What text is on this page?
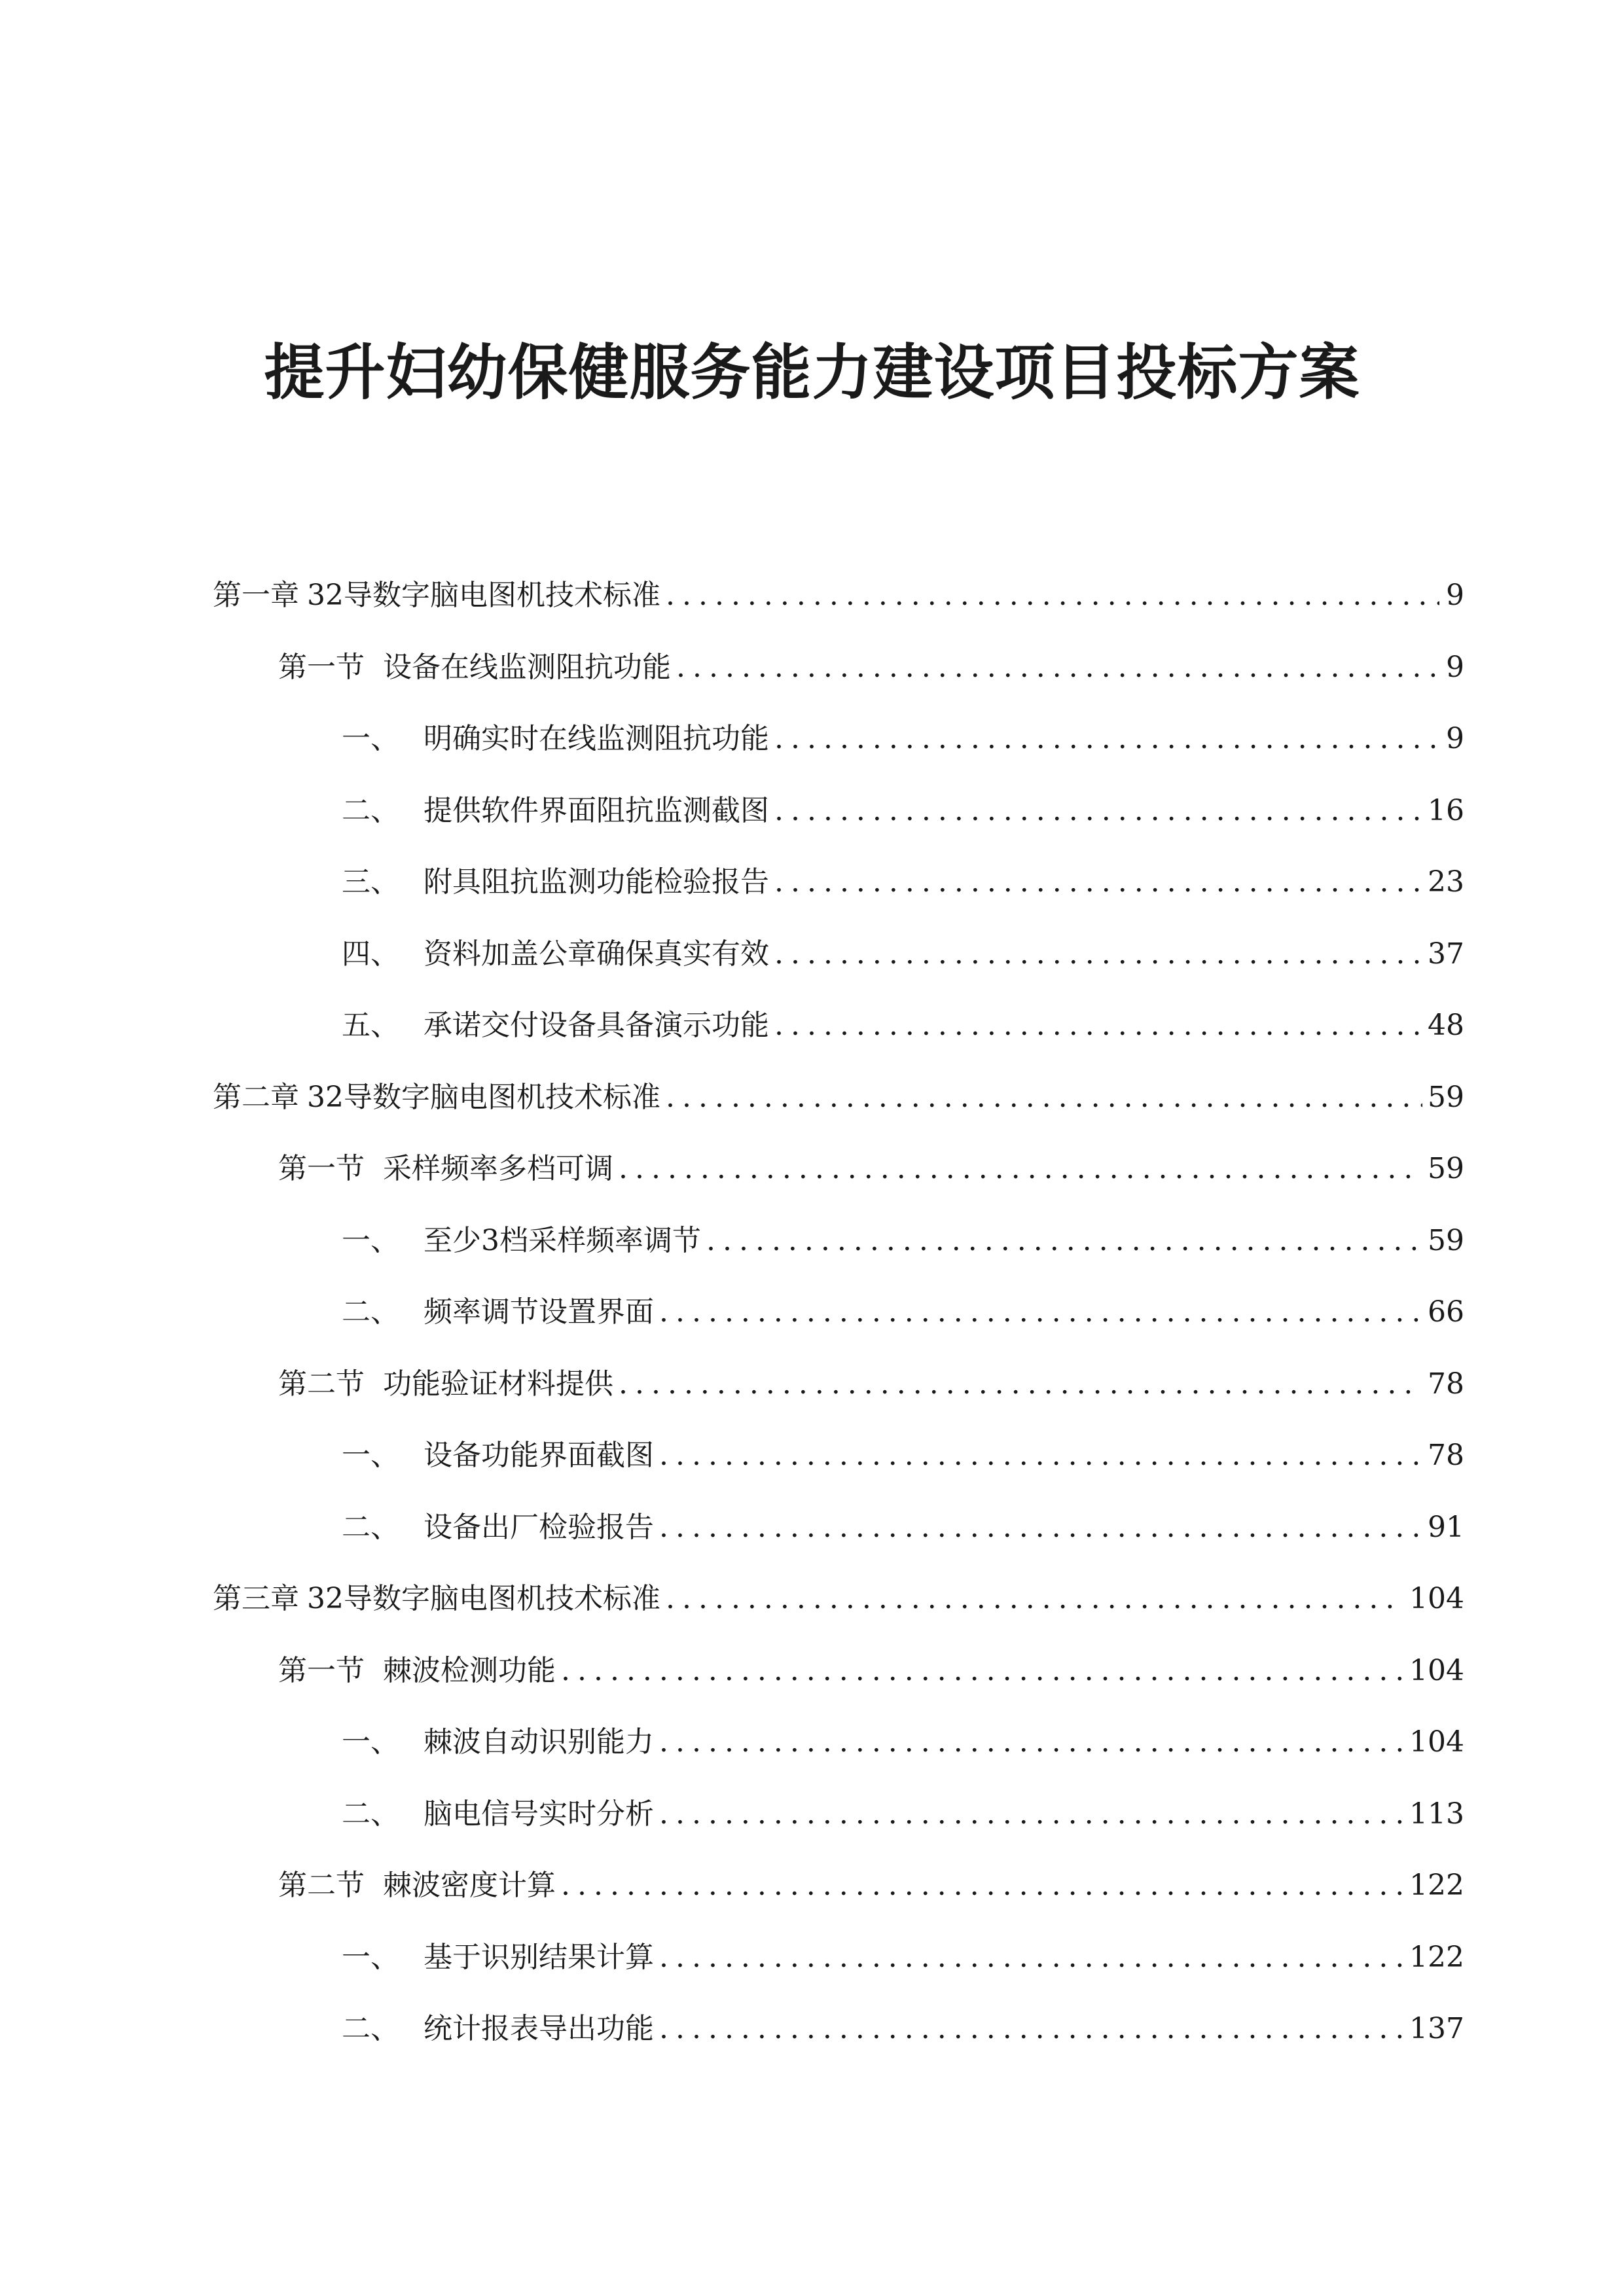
提升妇幼保健服务能力建设项目投标方案
第一章 32导数字脑电图机技术标准 .....	9
第一节 设备在线监测阻抗功能 .....	9
一、 明确实时在线监测阻抗功能 .....	9
二、 提供软件界面阻抗监测截图 .....	16
三、 附具阻抗监测功能检验报告 .....	23
四、 资料加盖公章确保真实有效 .....	37
五、 承诺交付设备具备演示功能 .....	48
第二章 32导数字脑电图机技术标准 .....	59
第一节 采样频率多档可调 .....	59
一、 至少3档采样频率调节 .....	59
二、 频率调节设置界面 .....	66
第二节 功能验证材料提供 .....	78
一、 设备功能界面截图 .....	78
二、 设备出厂检验报告 .....	91
第三章 32导数字脑电图机技术标准 .....	104
第一节 棘波检测功能 .....	104
一、 棘波自动识别能力 .....	104
二、 脑电信号实时分析 .....	113
第二节 棘波密度计算 .....	122
一、 基于识别结果计算 .....	122
二、 统计报表导出功能 .....	137
